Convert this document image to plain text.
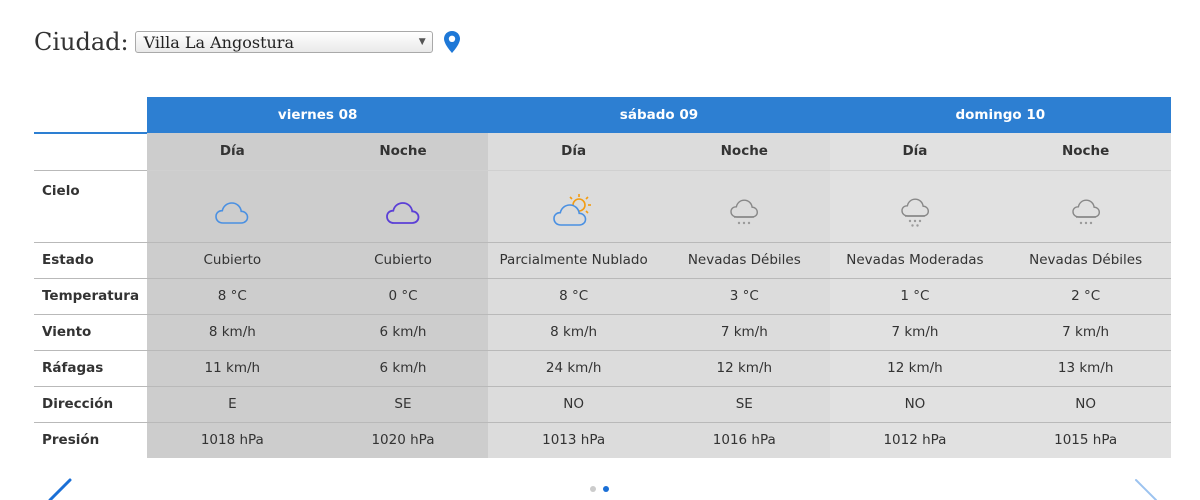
Ciudad: Villa La Angostura	▼
	viernes 08		sábado 09		domingo 10	
	Día	Noche	Día	Noche	Día	Noche
Cielo	

Estado	Cubierto	Cubierto	Parcialmente Nublado	Nevadas Débiles	Nevadas Moderadas	Nevadas Débiles
Temperatura	8 °C	0 °C	8 °C	3 °C	1 °C	2 °C
Viento	8 km/h	6 km/h	8 km/h	7 km/h	7 km/h	7 km/h
Ráfagas	11 km/h	6 km/h	24 km/h	12 km/h	12 km/h	13 km/h
Dirección	E	SE	NO	SE	NO	NO
Presión	1018 hPa	1020 hPa	1013 hPa	1016 hPa	1012 hPa	1015 hPa
